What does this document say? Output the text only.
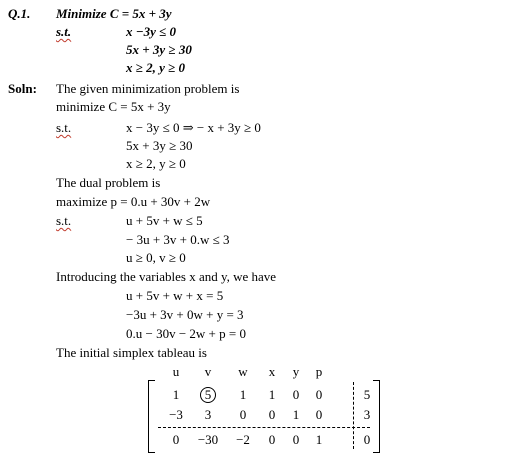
Q.1. Minimize C = 5x + 3y
s.t.	x −3y ≤ 0
5x + 3y ≥ 30
x ≥ 2, y ≥ 0
Soln: The given minimization problem is
minimize C = 5x + 3y
s.t.	x − 3y ≤ 0 ⇒ − x + 3y ≥ 0
5x + 3y ≥ 30
x ≥ 2, y ≥ 0
The dual problem is
maximize p = 0.u + 30v + 2w
s.t.	u + 5v + w ≤ 5
− 3u + 3v + 0.w ≤ 3
u ≥ 0, v ≥ 0
Introducing the variables x and y, we have
u + 5v + w + x = 5
−3u + 3v + 0w + y = 3
0.u − 30v − 2w + p = 0
The initial simplex tableau is
u	v	w	x	y	p
1	5	1	1	0	0	5
−3	3	0	0	1	0	3
0	−30	−2	0	0	1	0
